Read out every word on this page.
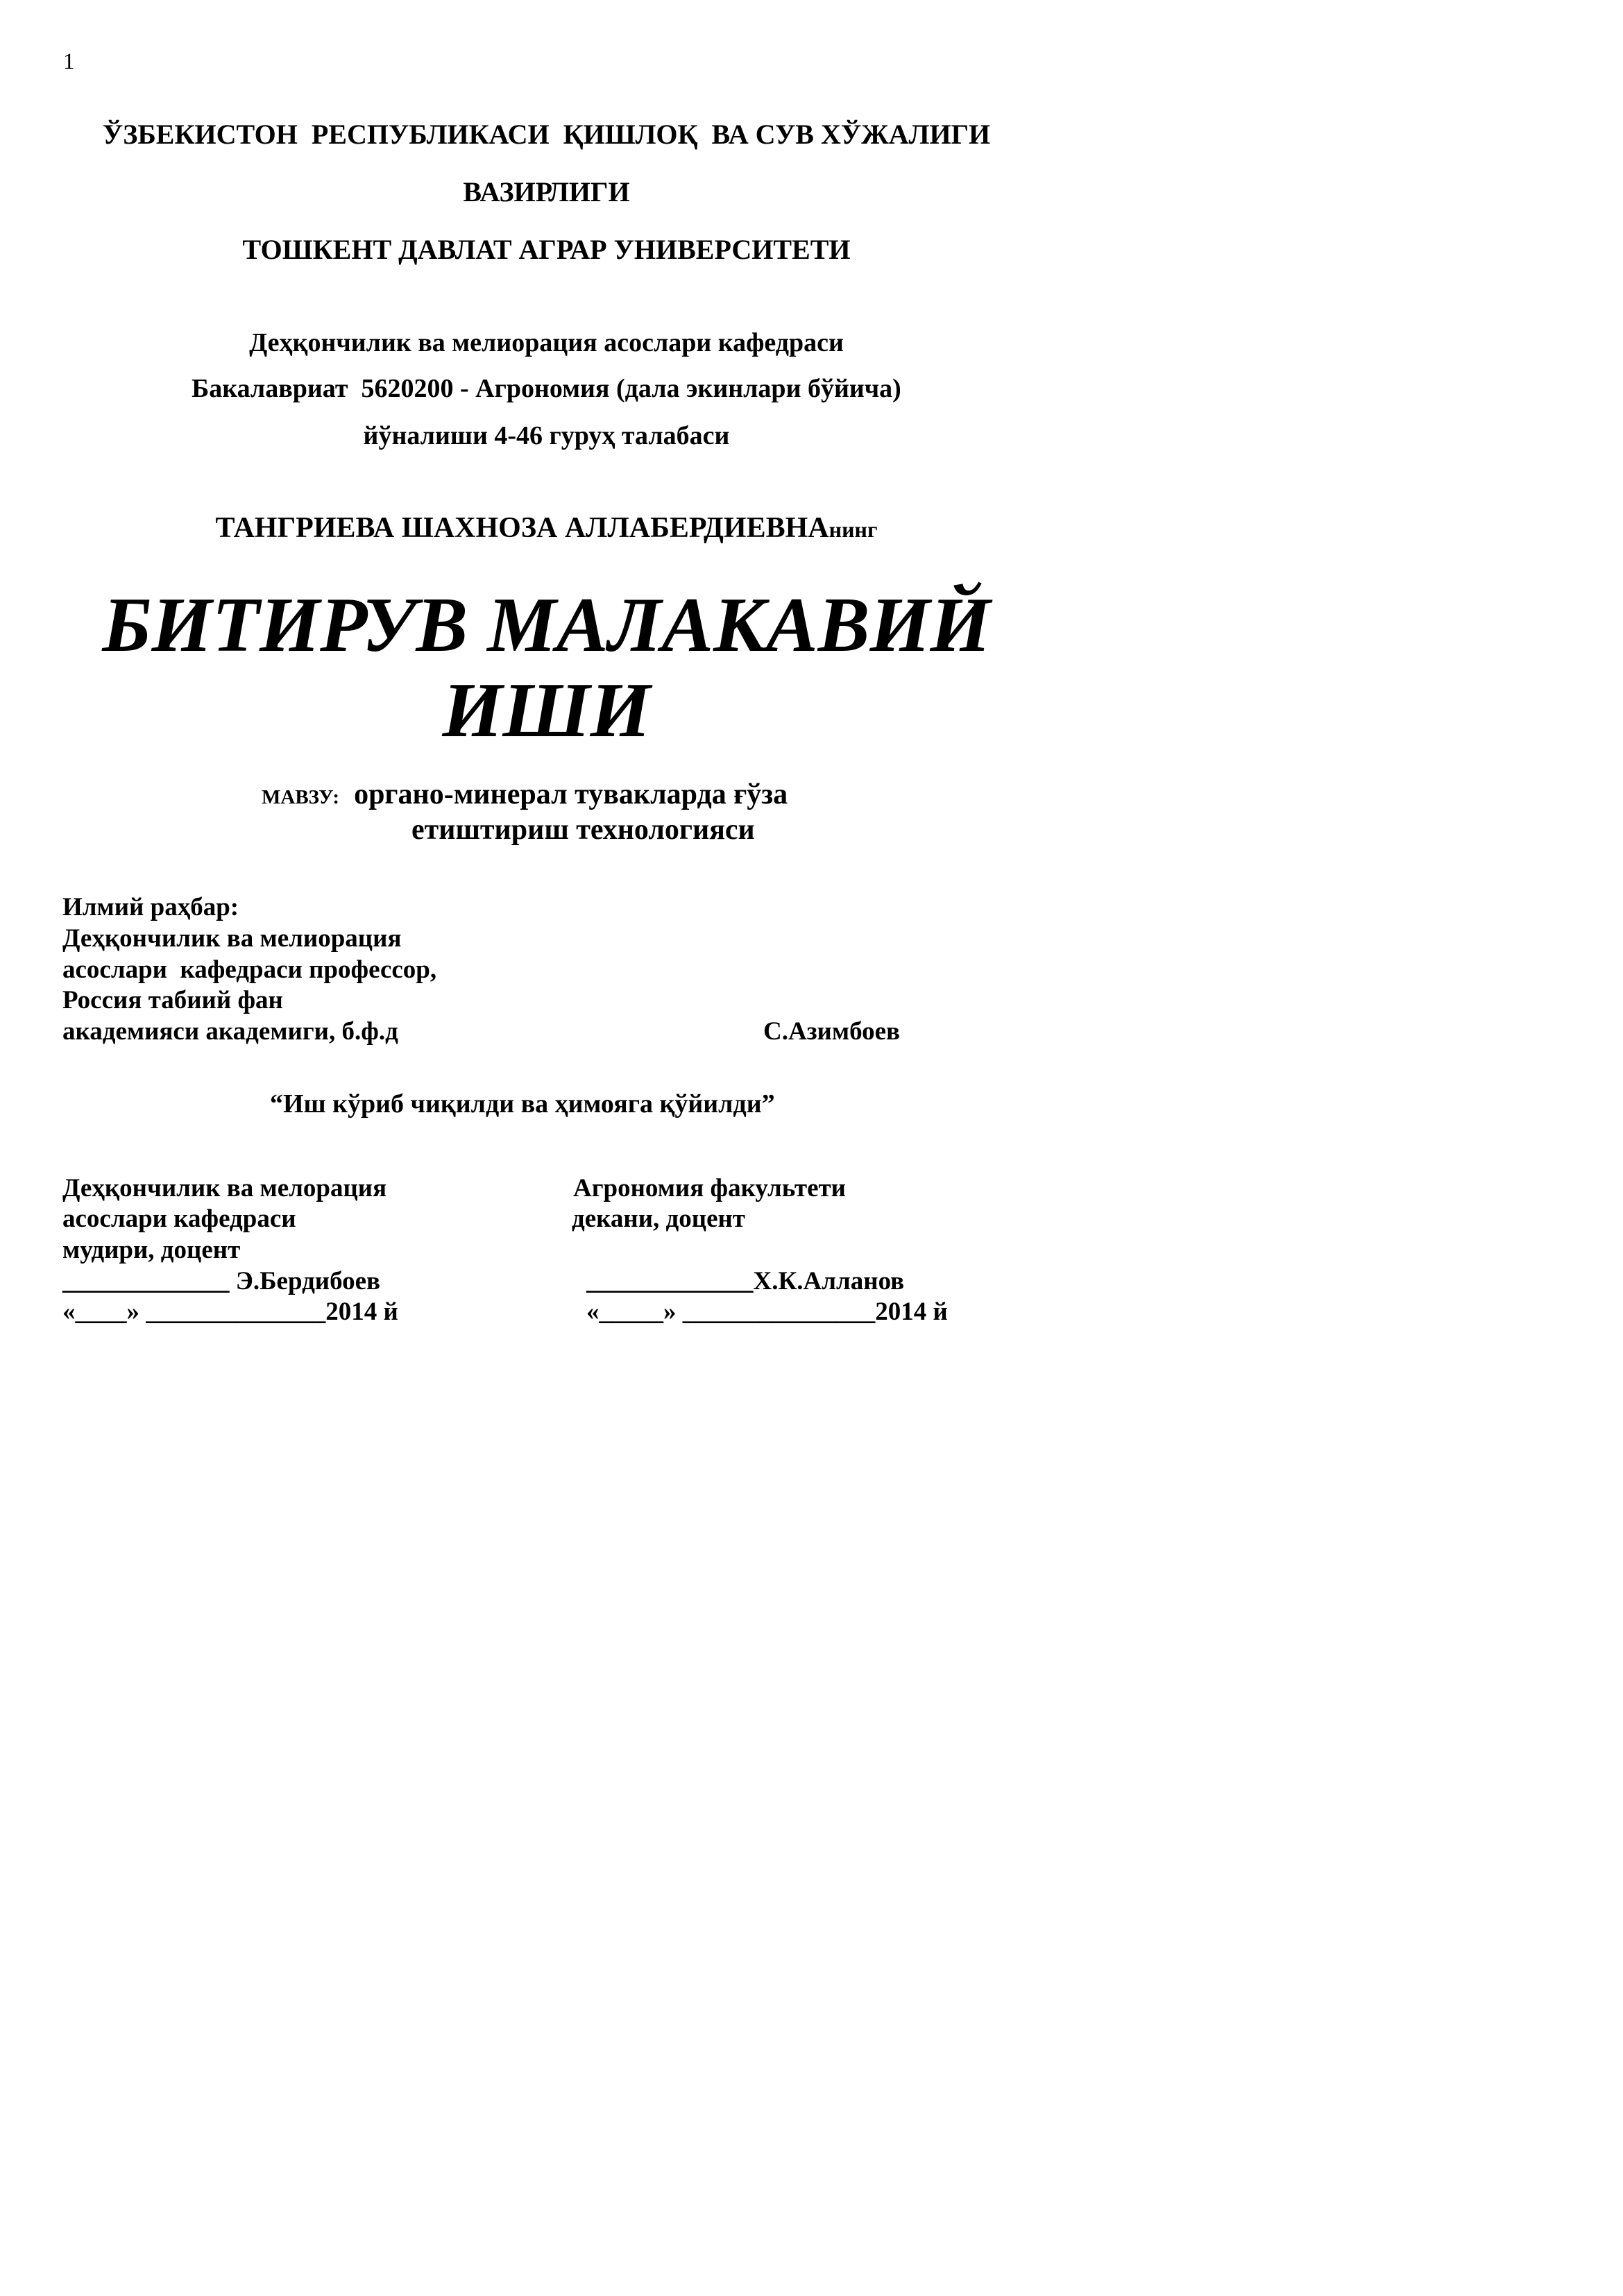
1
ЎЗБЕКИСТОН  РЕСПУБЛИКАСИ  ҚИШЛОҚ  ВА СУВ ХЎЖАЛИГИ
ВАЗИРЛИГИ
ТОШКЕНТ ДАВЛАТ АГРАР УНИВЕРСИТЕТИ
Деҳқончилик ва мелиорация асослари кафедраси
Бакалавриат  5620200 - Агрономия (дала экинлари бўйича)
йўналиши 4-46 гуруҳ талабаси
ТАНГРИЕВА ШАХНОЗА АЛЛАБЕРДИЕВНАнинг
БИТИРУВ МАЛАКАВИЙ
ИШИ
МАВЗУ: органо-минерал тувакларда ғўза
етиштириш технологияси
Илмий раҳбар:
Деҳқончилик ва мелиорация
асослари  кафедраси профессор,
Россия табиий фан
академияси академиги, б.ф.д	С.Азимбоев
“Иш кўриб чиқилди ва ҳимояга қўйилди”
Деҳқончилик ва мелорация
асослари кафедраси
мудири, доцент
_____________ Э.Бердибоев
«____» ______________2014 й
Агрономия факультети
декани, доцент
_____________Х.К.Алланов
«_____» _______________2014 й
